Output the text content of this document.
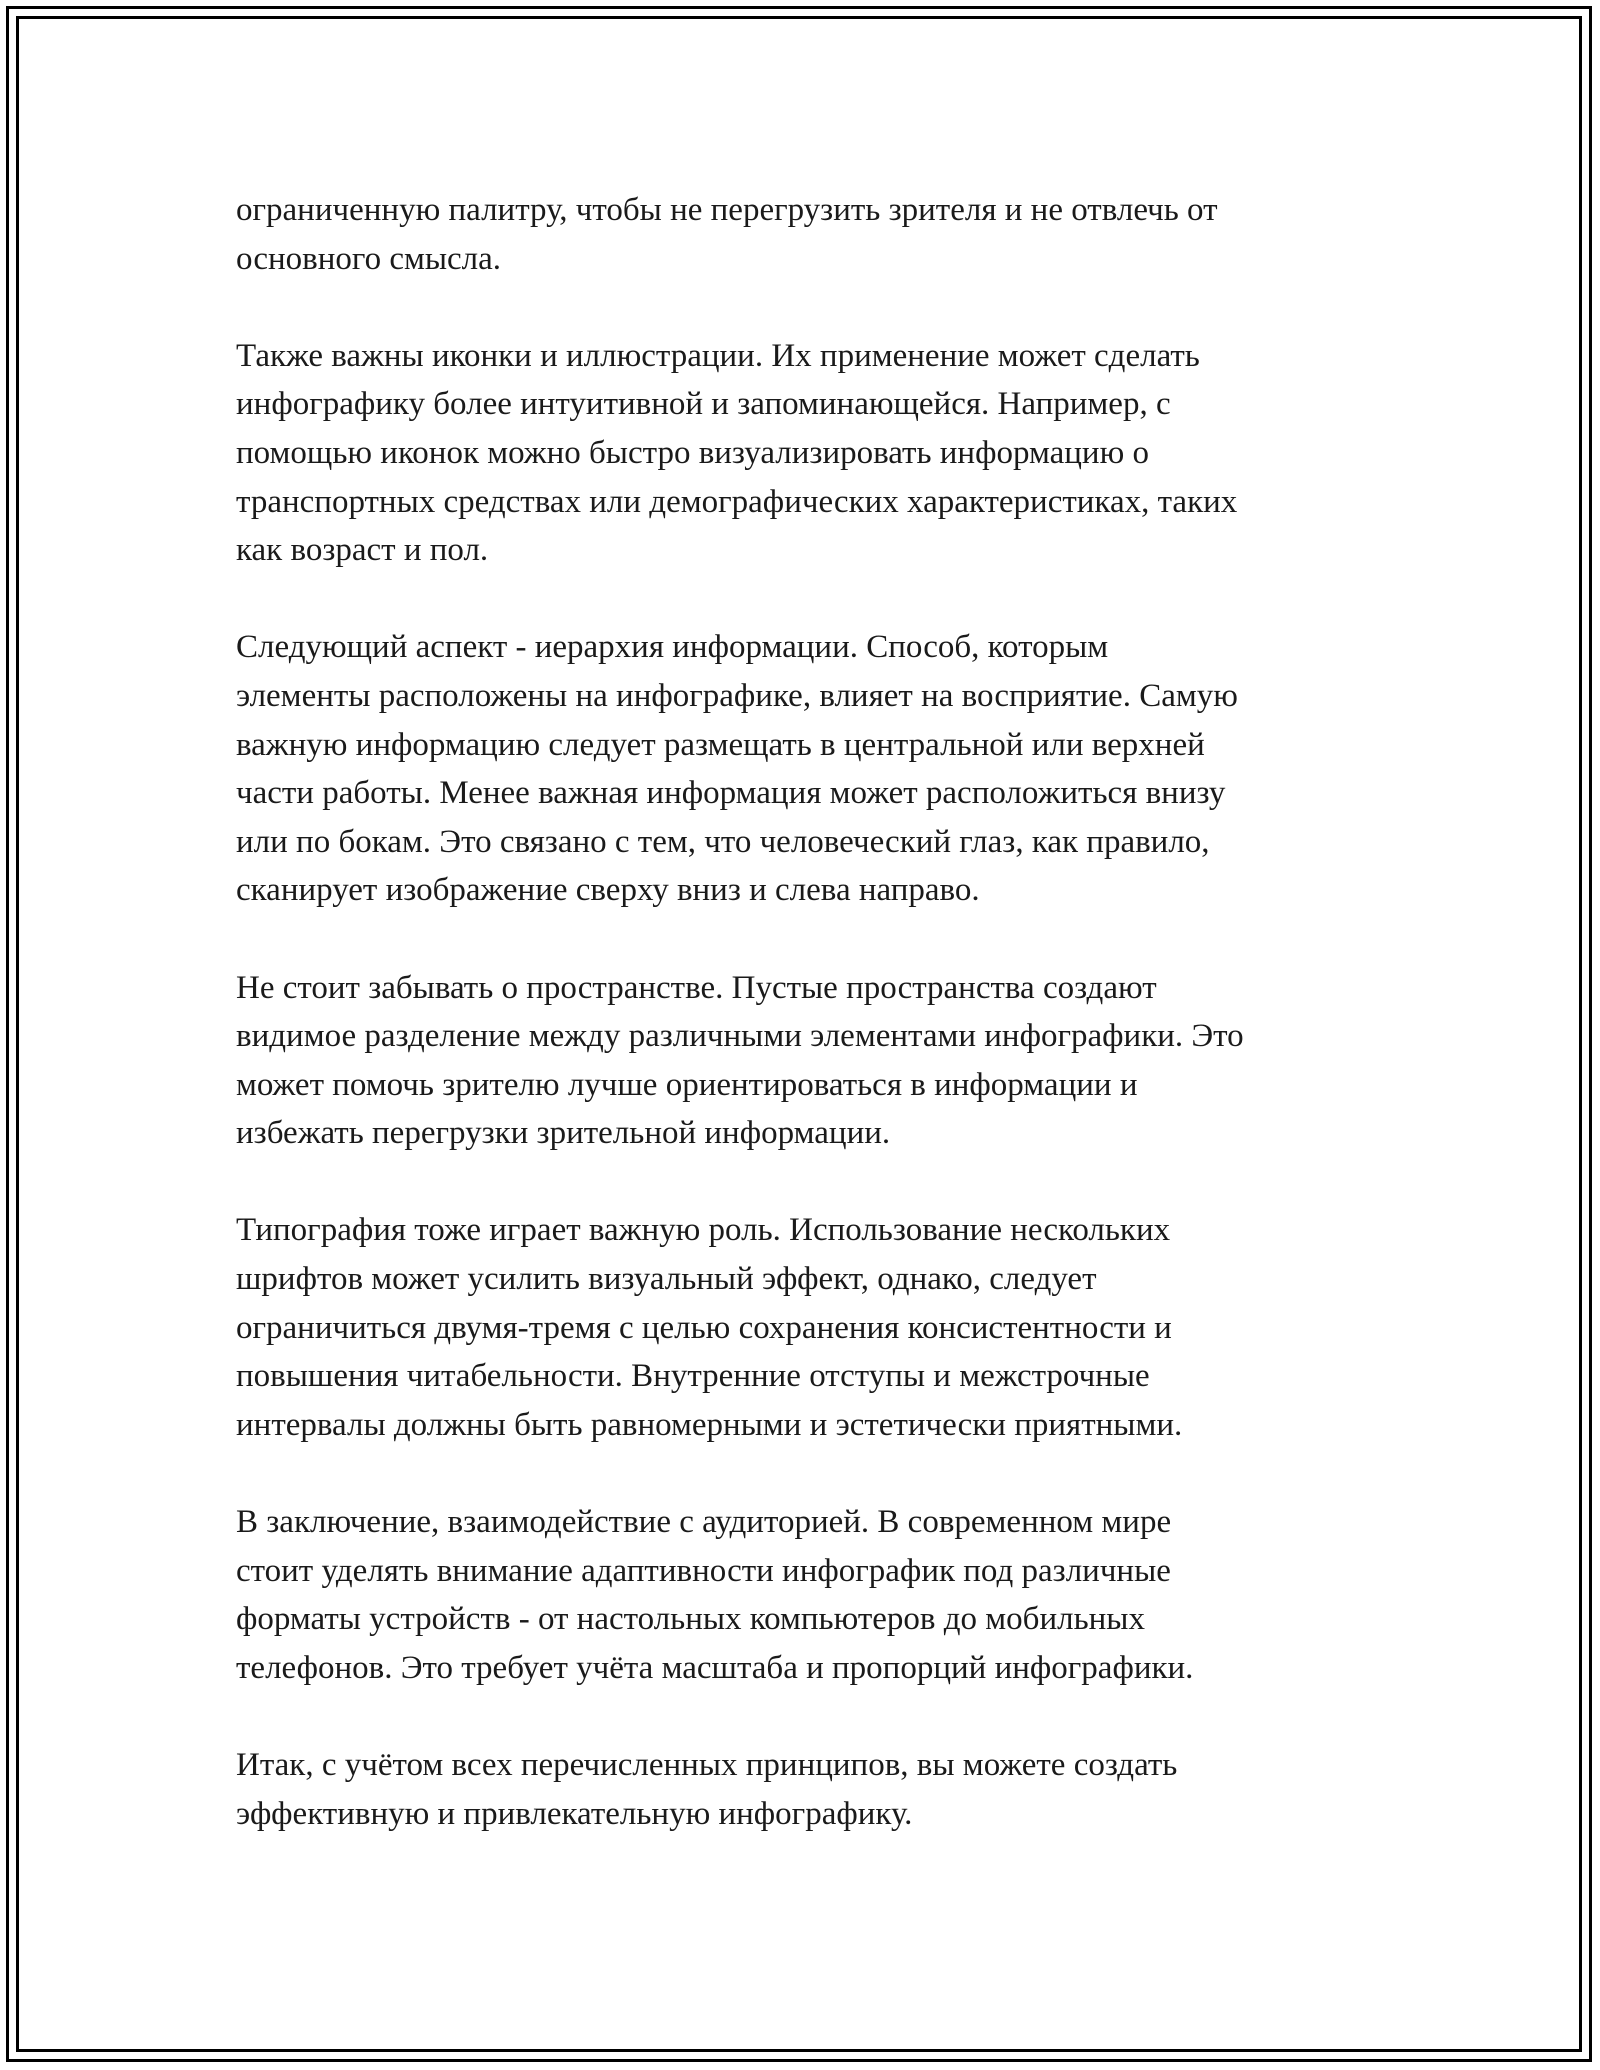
ограниченную палитру, чтобы не перегрузить зрителя и не отвлечь от
основного смысла.

Также важны иконки и иллюстрации. Их применение может сделать
инфографику более интуитивной и запоминающейся. Например, с
помощью иконок можно быстро визуализировать информацию о
транспортных средствах или демографических характеристиках, таких
как возраст и пол.

Следующий аспект - иерархия информации. Способ, которым
элементы расположены на инфографике, влияет на восприятие. Самую
важную информацию следует размещать в центральной или верхней
части работы. Менее важная информация может расположиться внизу
или по бокам. Это связано с тем, что человеческий глаз, как правило,
сканирует изображение сверху вниз и слева направо.

Не стоит забывать о пространстве. Пустые пространства создают
видимое разделение между различными элементами инфографики. Это
может помочь зрителю лучше ориентироваться в информации и
избежать перегрузки зрительной информации.

Типография тоже играет важную роль. Использование нескольких
шрифтов может усилить визуальный эффект, однако, следует
ограничиться двумя-тремя с целью сохранения консистентности и
повышения читабельности. Внутренние отступы и межстрочные
интервалы должны быть равномерными и эстетически приятными.

В заключение, взаимодействие с аудиторией. В современном мире
стоит уделять внимание адаптивности инфографик под различные
форматы устройств - от настольных компьютеров до мобильных
телефонов. Это требует учёта масштаба и пропорций инфографики.

Итак, с учётом всех перечисленных принципов, вы можете создать
эффективную и привлекательную инфографику.
